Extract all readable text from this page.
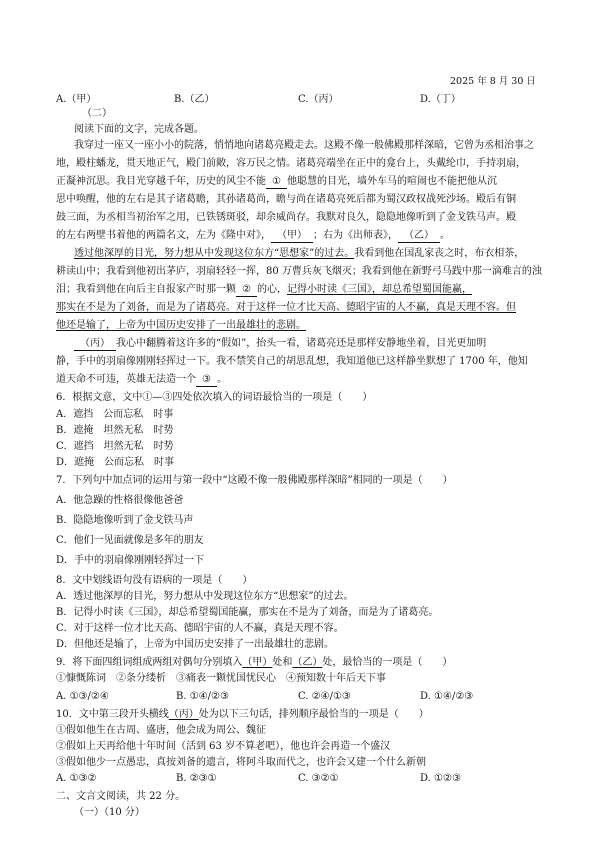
2025 年 8 月 30 日
A.（甲）	B.（乙）	C.（丙）	D.（丁）
（二）
阅读下面的文字，完成各题。
我穿过一座又一座小小的院落，悄悄地向诸葛亮殿走去。这殿不像一般佛殿那样深暗，它曾为丞相治事之
地，殿柱蟠龙，贯天地正气，殿门前敞，容万民之情。诸葛亮端坐在正中的龛台上，头戴纶巾，手持羽扇，
正凝神沉思。我目光穿越千年，历史的风尘不能 ① 他聪慧的目光，墙外车马的喧闹也不能把他从沉
思中唤醒，他的左右是其子诸葛瞻，其孙诸葛尚，瞻与尚在诸葛亮死后都为蜀汉政权战死沙场。殿后有铜
鼓三面，为丞相当初治军之用，已铁锈斑驳，却余威尚存。我默对良久，隐隐地像听到了金戈铁马声。殿
的左右两壁书着他的两篇名文，左为《隆中对》， （甲） ；右为《出师表》， （乙） 。
透过他深厚的目光，努力想从中发现这位东方“思想家”的过去。我看到他在国乱家丧之时，布衣相茶，
耕读山中；我看到他初出茅庐，羽扇轻轻一挥，80 万曹兵灰飞烟灭；我看到他在新野弓马践中那一滴难言的浊
泪；我看到他在向后主自报家产时那一颗 ② 的心，记得小时读《三国》，却总希望蜀国能赢，
那实在不是为了刘备，而是为了诸葛亮。对于这样一位才比天高、德昭宇宙的人不赢，真是天理不容。但
他还是输了，上帝为中国历史安排了一出最雄壮的悲剧。
（丙） 我心中翻腾着这许多的“假如”，抬头一看，诸葛亮还是那样安静地坐着，目光更加明
静，手中的羽扇像刚刚轻挥过一下。我不禁笑自己的胡思乱想，我知道他已这样静坐默想了 1700 年，他知
道天命不可违，英雄无法造一个 ③ 。
6．根据文意，文中①—③四处依次填入的词语最恰当的一项是（　　）
A．遮挡　公而忘私　时事
B．遮掩　坦然无私　时势
C．遮挡　坦然无私　时势
D．遮掩　公而忘私　时事
7．下列句中加点词的运用与第一段中“这殿不像一般佛殿那样深暗”相同的一项是（　　）
A．他急躁的性格很像他爸爸
B．隐隐地像听到了金戈铁马声
C．他们一见面就像是多年的朋友
D．手中的羽扇像刚刚轻挥过一下
8．文中划线语句没有语病的一项是（　　）
A．透过他深厚的目光，努力想从中发现这位东方“思想家”的过去。
B．记得小时读《三国》，却总希望蜀国能赢，那实在不是为了刘备，而是为了诸葛亮。
C．对于这样一位才比天高、德昭宇宙的人不赢，真是天理不容。
D．但他还是输了，上帝为中国历史安排了一出最雄壮的悲剧。
9．将下面四组词组成两组对偶句分别填入（甲）处和（乙）处，最恰当的一项是（　　）
①慷慨陈词　②条分缕析　③痛表一颗忧国忧民心　④预知数十年后天下事
A. ①③/②④	B. ①④/②③	C. ②④/①③	D. ①④/②③
10．文中第三段开头横线（丙）处为以下三句话，排列顺序最恰当的一项是（　　）
①假如他生在古周、盛唐，他会成为周公、魏征
②假如上天再给他十年时间（活到 63 岁不算老吧），他也许会再造一个盛汉
③假如他少一点愚忠，真按刘备的遗言，将阿斗取而代之，也许会又建一个什么新朝
A. ①③②	B. ②③①	C. ③②①	D. ①②③
二、文言文阅读，共 22 分。
（一）（10 分）
